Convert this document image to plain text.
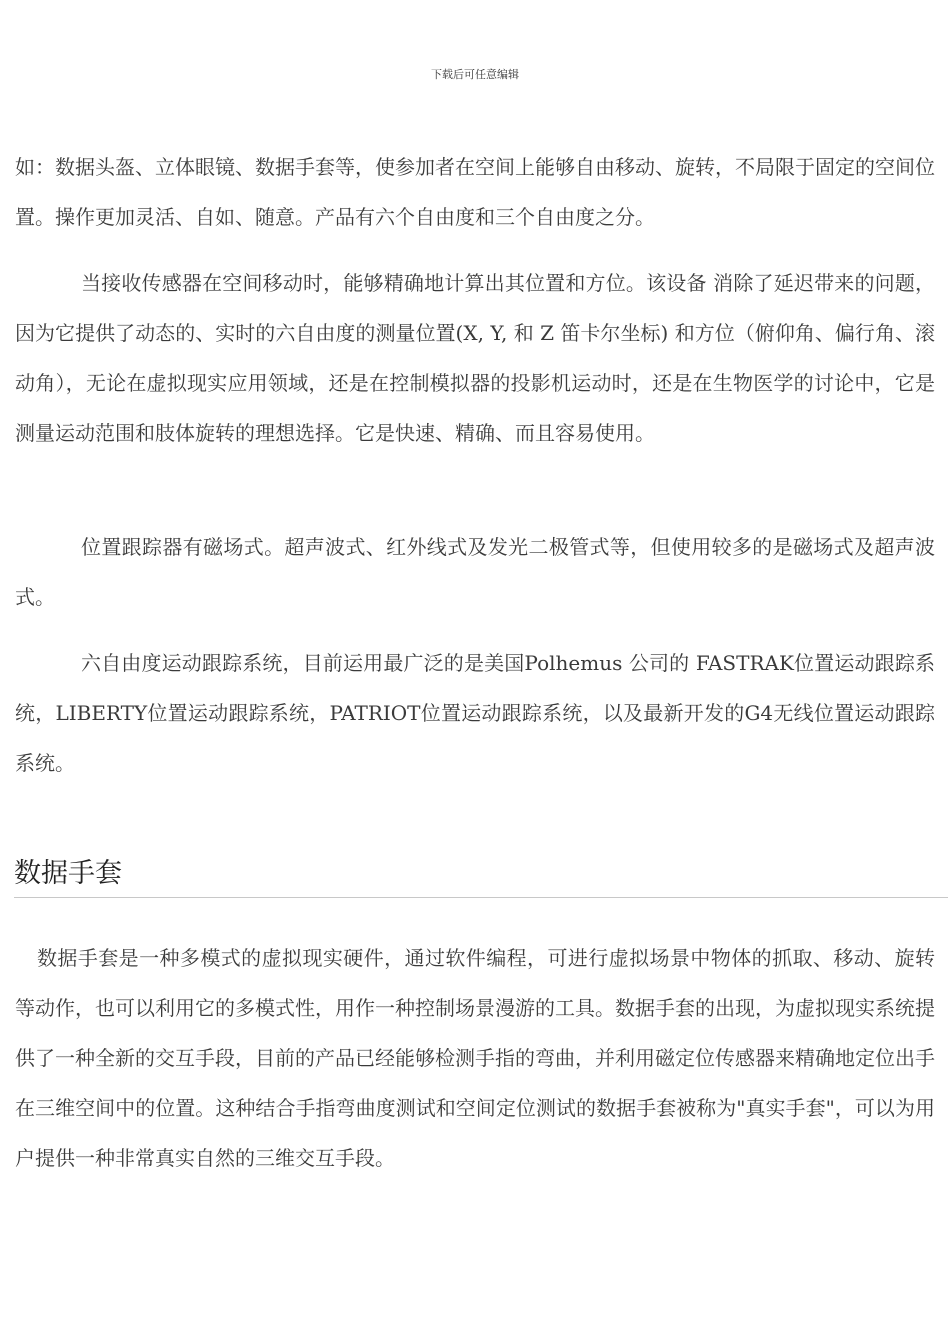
下载后可任意编辑

如：数据头盔、立体眼镜、数据手套等，使参加者在空间上能够自由移动、旋转，不局限于固定的空间位置。操作更加灵活、自如、随意。产品有六个自由度和三个自由度之分。

当接收传感器在空间移动时，能够精确地计算出其位置和方位。该设备 消除了延迟带来的问题，因为它提供了动态的、实时的六自由度的测量位置(X, Y, 和 Z 笛卡尔坐标) 和方位（俯仰角、偏行角、滚动角），无论在虚拟现实应用领域，还是在控制模拟器的投影机运动时，还是在生物医学的讨论中，它是测量运动范围和肢体旋转的理想选择。它是快速、精确、而且容易使用。

位置跟踪器有磁场式。超声波式、红外线式及发光二极管式等，但使用较多的是磁场式及超声波式。

六自由度运动跟踪系统，目前运用最广泛的是美国Polhemus 公司的 FASTRAK位置运动跟踪系统，LIBERTY位置运动跟踪系统，PATRIOT位置运动跟踪系统，以及最新开发的G4无线位置运动跟踪系统。

数据手套

数据手套是一种多模式的虚拟现实硬件，通过软件编程，可进行虚拟场景中物体的抓取、移动、旋转等动作，也可以利用它的多模式性，用作一种控制场景漫游的工具。数据手套的出现，为虚拟现实系统提供了一种全新的交互手段，目前的产品已经能够检测手指的弯曲，并利用磁定位传感器来精确地定位出手在三维空间中的位置。这种结合手指弯曲度测试和空间定位测试的数据手套被称为"真实手套"，可以为用户提供一种非常真实自然的三维交互手段。
